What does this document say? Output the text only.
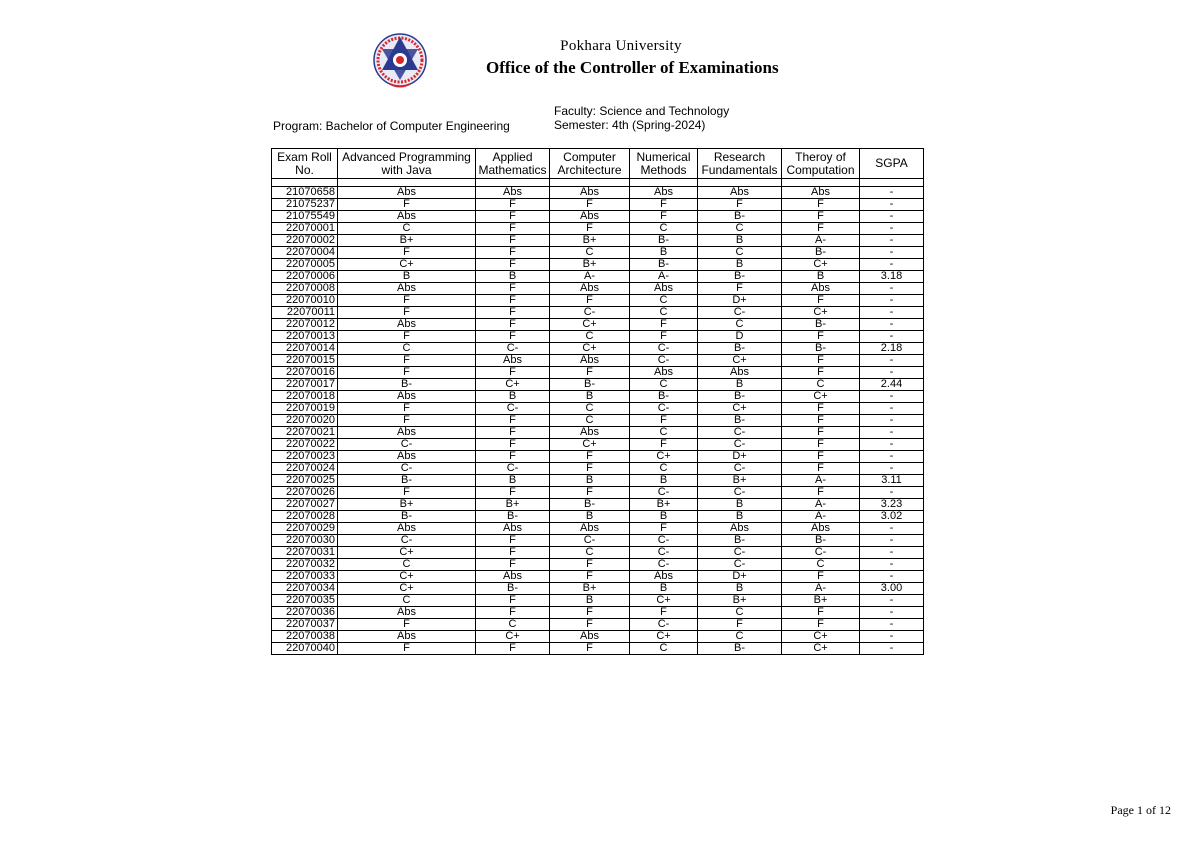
Pokhara University
Office of the Controller of Examinations
Program: Bachelor of Computer Engineering
Faculty: Science and Technology
Semester: 4th (Spring-2024)
Exam Roll No.	Advanced Programming with Java	Applied Mathematics	Computer Architecture	Numerical Methods	Research Fundamentals	Theroy of Computation	SGPA

21070658	Abs	Abs	Abs	Abs	Abs	Abs	-
21075237	F	F	F	F	F	F	-
21075549	Abs	F	Abs	F	B-	F	-
22070001	C	F	F	C	C	F	-
22070002	B+	F	B+	B-	B	A-	-
22070004	F	F	C	B	C	B-	-
22070005	C+	F	B+	B-	B	C+	-
22070006	B	B	A-	A-	B-	B	3.18
22070008	Abs	F	Abs	Abs	F	Abs	-
22070010	F	F	F	C	D+	F	-
22070011	F	F	C-	C	C-	C+	-
22070012	Abs	F	C+	F	C	B-	-
22070013	F	F	C	F	D	F	-
22070014	C	C-	C+	C-	B-	B-	2.18
22070015	F	Abs	Abs	C-	C+	F	-
22070016	F	F	F	Abs	Abs	F	-
22070017	B-	C+	B-	C	B	C	2.44
22070018	Abs	B	B	B-	B-	C+	-
22070019	F	C-	C	C-	C+	F	-
22070020	F	F	C	F	B-	F	-
22070021	Abs	F	Abs	C	C-	F	-
22070022	C-	F	C+	F	C-	F	-
22070023	Abs	F	F	C+	D+	F	-
22070024	C-	C-	F	C	C-	F	-
22070025	B-	B	B	B	B+	A-	3.11
22070026	F	F	F	C-	C-	F	-
22070027	B+	B+	B-	B+	B	A-	3.23
22070028	B-	B-	B	B	B	A-	3.02
22070029	Abs	Abs	Abs	F	Abs	Abs	-
22070030	C-	F	C-	C-	B-	B-	-
22070031	C+	F	C	C-	C-	C-	-
22070032	C	F	F	C-	C-	C	-
22070033	C+	Abs	F	Abs	D+	F	-
22070034	C+	B-	B+	B	B	A-	3.00
22070035	C	F	B	C+	B+	B+	-
22070036	Abs	F	F	F	C	F	-
22070037	F	C	F	C-	F	F	-
22070038	Abs	C+	Abs	C+	C	C+	-
22070040	F	F	F	C	B-	C+	-
Page 1 of 12
